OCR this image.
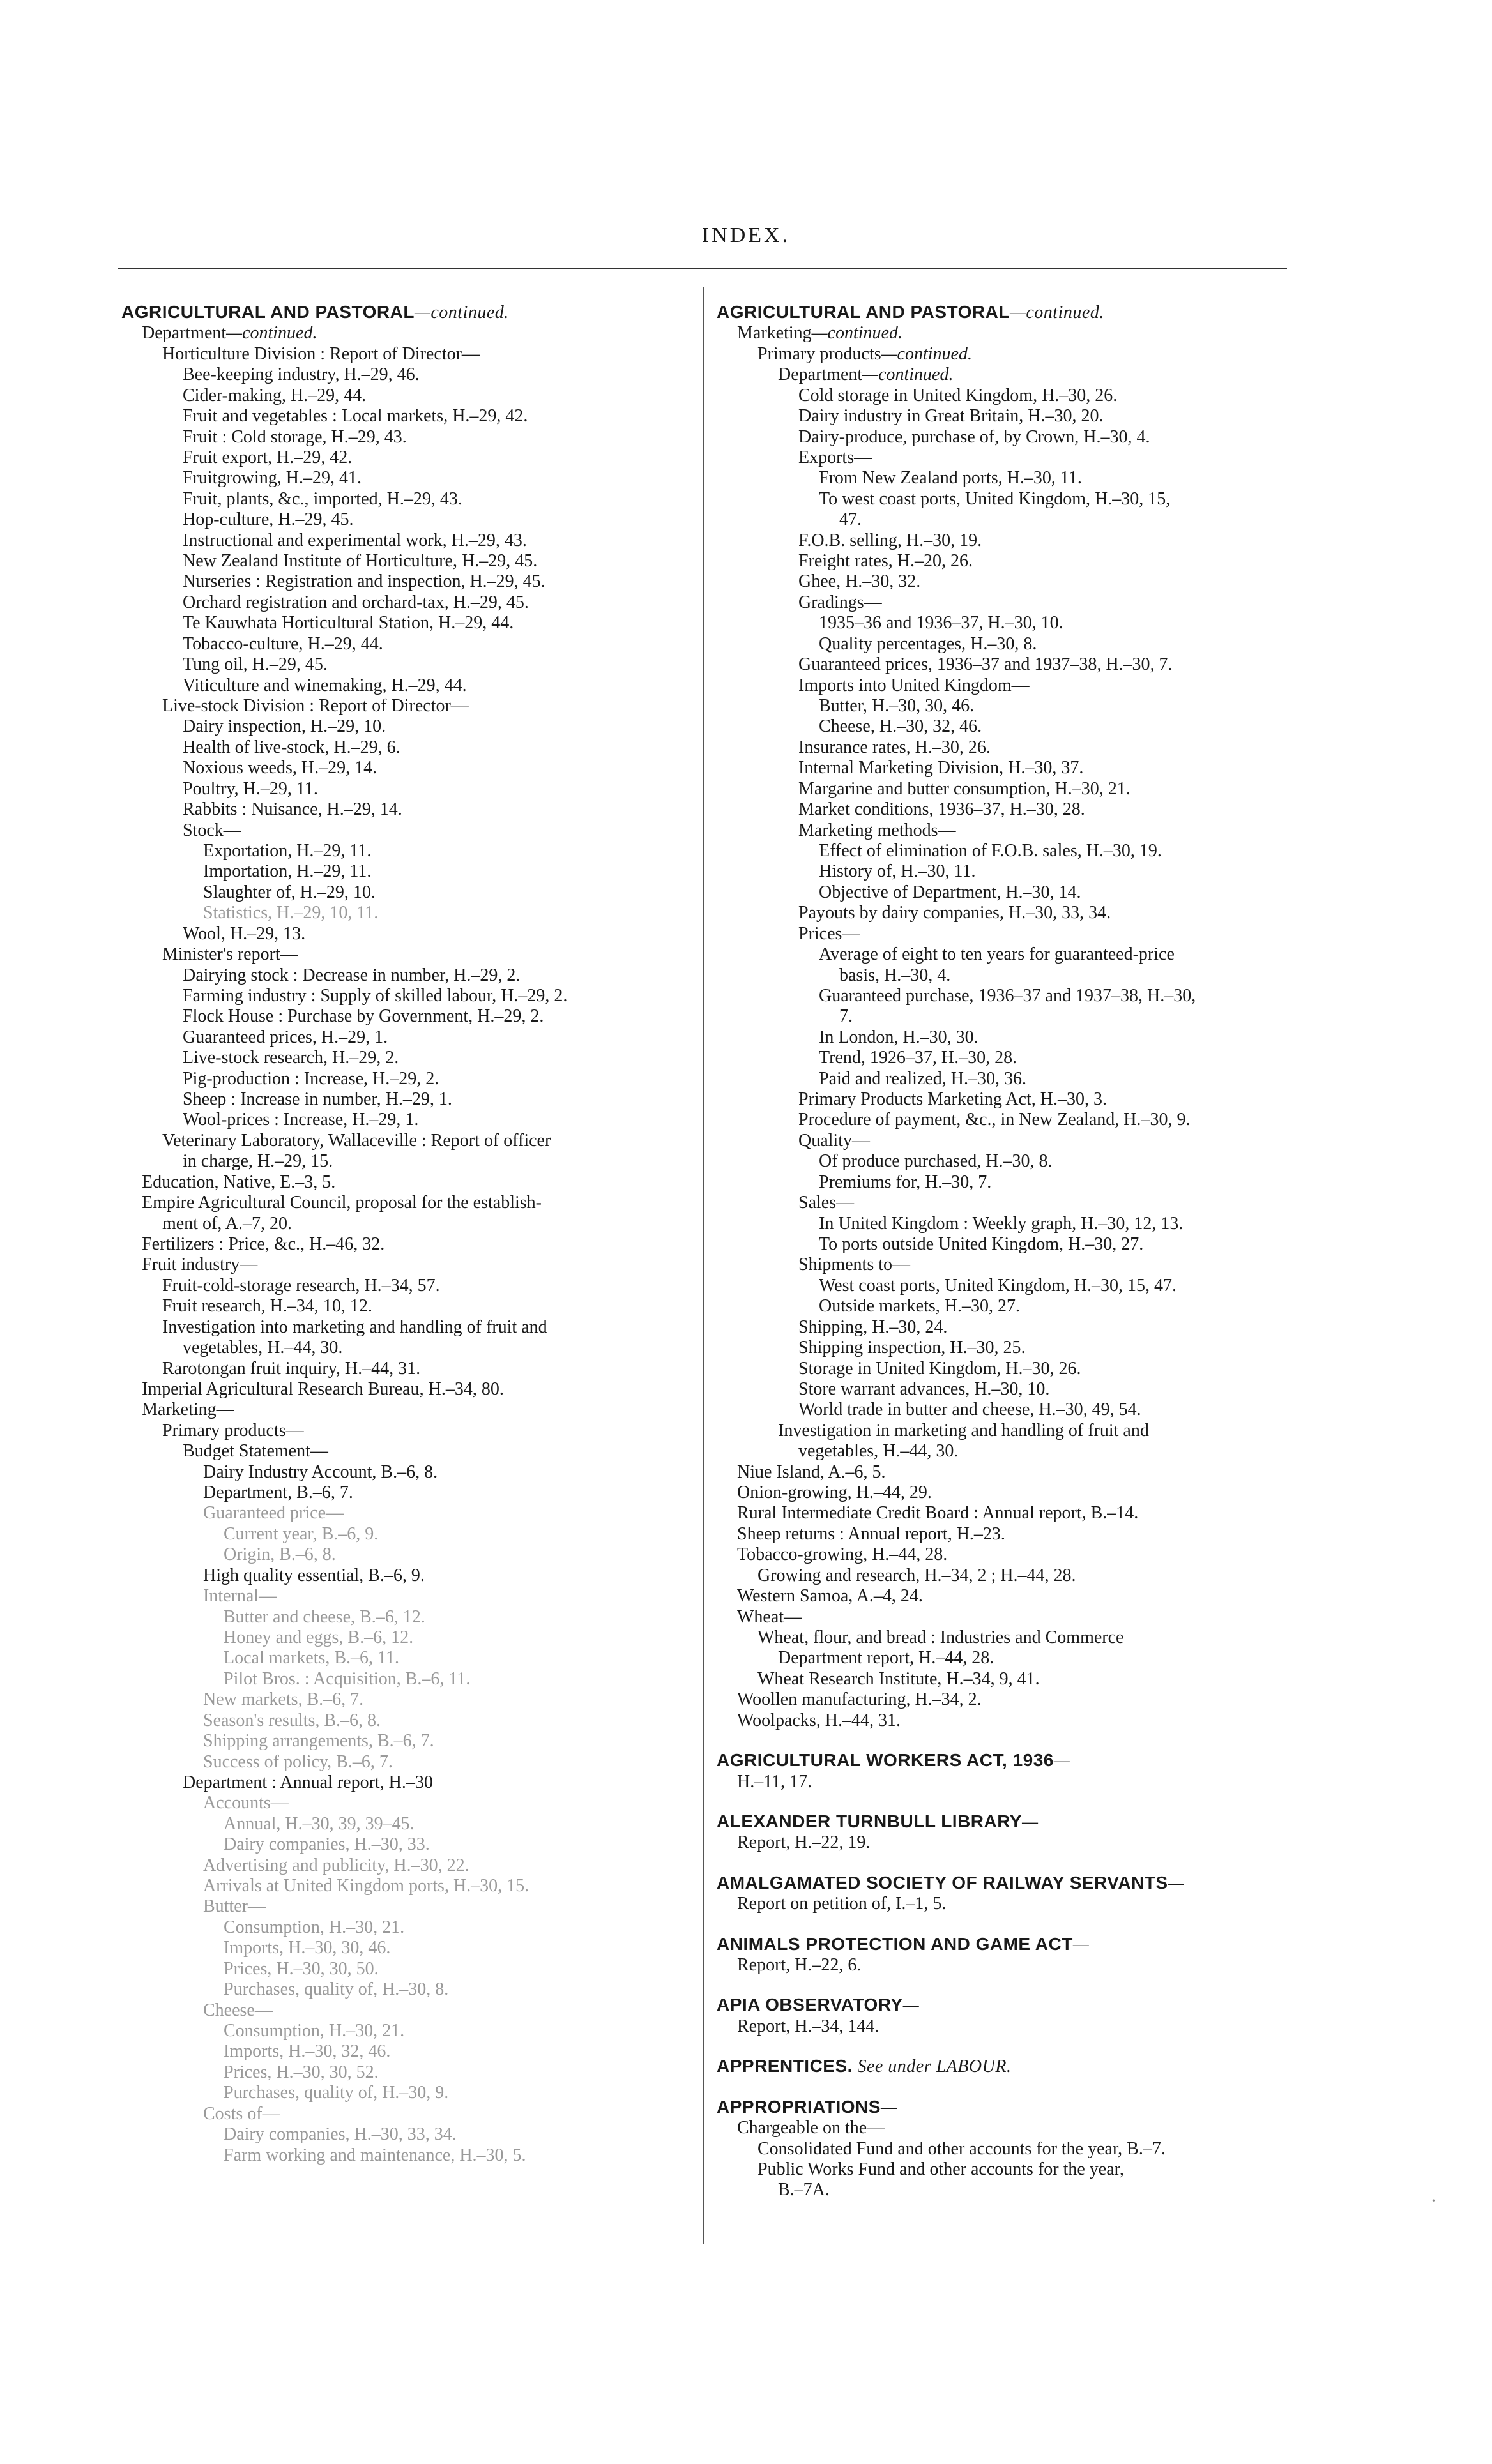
INDEX.
AGRICULTURAL AND PASTORAL—continued.
Department—continued.
Horticulture Division : Report of Director—
Bee-keeping industry, H.–29, 46.
Cider-making, H.–29, 44.
Fruit and vegetables : Local markets, H.–29, 42.
Fruit : Cold storage, H.–29, 43.
Fruit export, H.–29, 42.
Fruitgrowing, H.–29, 41.
Fruit, plants, &c., imported, H.–29, 43.
Hop-culture, H.–29, 45.
Instructional and experimental work, H.–29, 43.
New Zealand Institute of Horticulture, H.–29, 45.
Nurseries : Registration and inspection, H.–29, 45.
Orchard registration and orchard-tax, H.–29, 45.
Te Kauwhata Horticultural Station, H.–29, 44.
Tobacco-culture, H.–29, 44.
Tung oil, H.–29, 45.
Viticulture and winemaking, H.–29, 44.
Live-stock Division : Report of Director—
Dairy inspection, H.–29, 10.
Health of live-stock, H.–29, 6.
Noxious weeds, H.–29, 14.
Poultry, H.–29, 11.
Rabbits : Nuisance, H.–29, 14.
Stock—
Exportation, H.–29, 11.
Importation, H.–29, 11.
Slaughter of, H.–29, 10.
Statistics, H.–29, 10, 11.
Wool, H.–29, 13.
Minister's report—
Dairying stock : Decrease in number, H.–29, 2.
Farming industry : Supply of skilled labour, H.–29, 2.
Flock House : Purchase by Government, H.–29, 2.
Guaranteed prices, H.–29, 1.
Live-stock research, H.–29, 2.
Pig-production : Increase, H.–29, 2.
Sheep : Increase in number, H.–29, 1.
Wool-prices : Increase, H.–29, 1.
Veterinary Laboratory, Wallaceville : Report of officer
in charge, H.–29, 15.
Education, Native, E.–3, 5.
Empire Agricultural Council, proposal for the establish-
ment of, A.–7, 20.
Fertilizers : Price, &c., H.–46, 32.
Fruit industry—
Fruit-cold-storage research, H.–34, 57.
Fruit research, H.–34, 10, 12.
Investigation into marketing and handling of fruit and
vegetables, H.–44, 30.
Rarotongan fruit inquiry, H.–44, 31.
Imperial Agricultural Research Bureau, H.–34, 80.
Marketing—
Primary products—
Budget Statement—
Dairy Industry Account, B.–6, 8.
Department, B.–6, 7.
Guaranteed price—
Current year, B.–6, 9.
Origin, B.–6, 8.
High quality essential, B.–6, 9.
Internal—
Butter and cheese, B.–6, 12.
Honey and eggs, B.–6, 12.
Local markets, B.–6, 11.
Pilot Bros. : Acquisition, B.–6, 11.
New markets, B.–6, 7.
Season's results, B.–6, 8.
Shipping arrangements, B.–6, 7.
Success of policy, B.–6, 7.
Department : Annual report, H.–30
Accounts—
Annual, H.–30, 39, 39–45.
Dairy companies, H.–30, 33.
Advertising and publicity, H.–30, 22.
Arrivals at United Kingdom ports, H.–30, 15.
Butter—
Consumption, H.–30, 21.
Imports, H.–30, 30, 46.
Prices, H.–30, 30, 50.
Purchases, quality of, H.–30, 8.
Cheese—
Consumption, H.–30, 21.
Imports, H.–30, 32, 46.
Prices, H.–30, 30, 52.
Purchases, quality of, H.–30, 9.
Costs of—
Dairy companies, H.–30, 33, 34.
Farm working and maintenance, H.–30, 5.
AGRICULTURAL AND PASTORAL—continued.
Marketing—continued.
Primary products—continued.
Department—continued.
Cold storage in United Kingdom, H.–30, 26.
Dairy industry in Great Britain, H.–30, 20.
Dairy-produce, purchase of, by Crown, H.–30, 4.
Exports—
From New Zealand ports, H.–30, 11.
To west coast ports, United Kingdom, H.–30, 15,
47.
F.O.B. selling, H.–30, 19.
Freight rates, H.–20, 26.
Ghee, H.–30, 32.
Gradings—
1935–36 and 1936–37, H.–30, 10.
Quality percentages, H.–30, 8.
Guaranteed prices, 1936–37 and 1937–38, H.–30, 7.
Imports into United Kingdom—
Butter, H.–30, 30, 46.
Cheese, H.–30, 32, 46.
Insurance rates, H.–30, 26.
Internal Marketing Division, H.–30, 37.
Margarine and butter consumption, H.–30, 21.
Market conditions, 1936–37, H.–30, 28.
Marketing methods—
Effect of elimination of F.O.B. sales, H.–30, 19.
History of, H.–30, 11.
Objective of Department, H.–30, 14.
Payouts by dairy companies, H.–30, 33, 34.
Prices—
Average of eight to ten years for guaranteed-price
basis, H.–30, 4.
Guaranteed purchase, 1936–37 and 1937–38, H.–30,
7.
In London, H.–30, 30.
Trend, 1926–37, H.–30, 28.
Paid and realized, H.–30, 36.
Primary Products Marketing Act, H.–30, 3.
Procedure of payment, &c., in New Zealand, H.–30, 9.
Quality—
Of produce purchased, H.–30, 8.
Premiums for, H.–30, 7.
Sales—
In United Kingdom : Weekly graph, H.–30, 12, 13.
To ports outside United Kingdom, H.–30, 27.
Shipments to—
West coast ports, United Kingdom, H.–30, 15, 47.
Outside markets, H.–30, 27.
Shipping, H.–30, 24.
Shipping inspection, H.–30, 25.
Storage in United Kingdom, H.–30, 26.
Store warrant advances, H.–30, 10.
World trade in butter and cheese, H.–30, 49, 54.
Investigation in marketing and handling of fruit and
vegetables, H.–44, 30.
Niue Island, A.–6, 5.
Onion-growing, H.–44, 29.
Rural Intermediate Credit Board : Annual report, B.–14.
Sheep returns : Annual report, H.–23.
Tobacco-growing, H.–44, 28.
Growing and research, H.–34, 2 ; H.–44, 28.
Western Samoa, A.–4, 24.
Wheat—
Wheat, flour, and bread : Industries and Commerce
Department report, H.–44, 28.
Wheat Research Institute, H.–34, 9, 41.
Woollen manufacturing, H.–34, 2.
Woolpacks, H.–44, 31.
AGRICULTURAL WORKERS ACT, 1936—
H.–11, 17.
ALEXANDER TURNBULL LIBRARY—
Report, H.–22, 19.
AMALGAMATED SOCIETY OF RAILWAY SERVANTS—
Report on petition of, I.–1, 5.
ANIMALS PROTECTION AND GAME ACT—
Report, H.–22, 6.
APIA OBSERVATORY—
Report, H.–34, 144.
APPRENTICES. See under LABOUR.
APPROPRIATIONS—
Chargeable on the—
Consolidated Fund and other accounts for the year, B.–7.
Public Works Fund and other accounts for the year,
B.–7A.
•
